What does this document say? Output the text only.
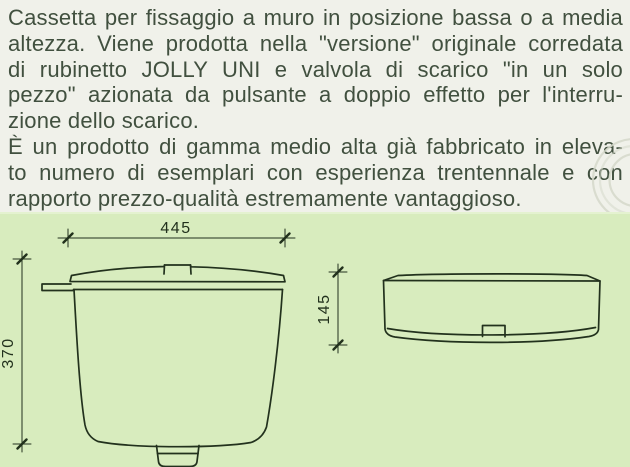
Cassetta per fissaggio a muro in posizione bassa o a media
altezza. Viene prodotta nella "versione" originale corredata
di rubinetto JOLLY UNI e valvola di scarico "in un solo
pezzo" azionata da pulsante a doppio effetto per l'interru-
zione dello scarico.
È un prodotto di gamma medio alta già fabbricato in eleva-
to numero di esemplari con esperienza trentennale e con
rapporto prezzo-qualità estremamente vantaggioso.
445
370
145
